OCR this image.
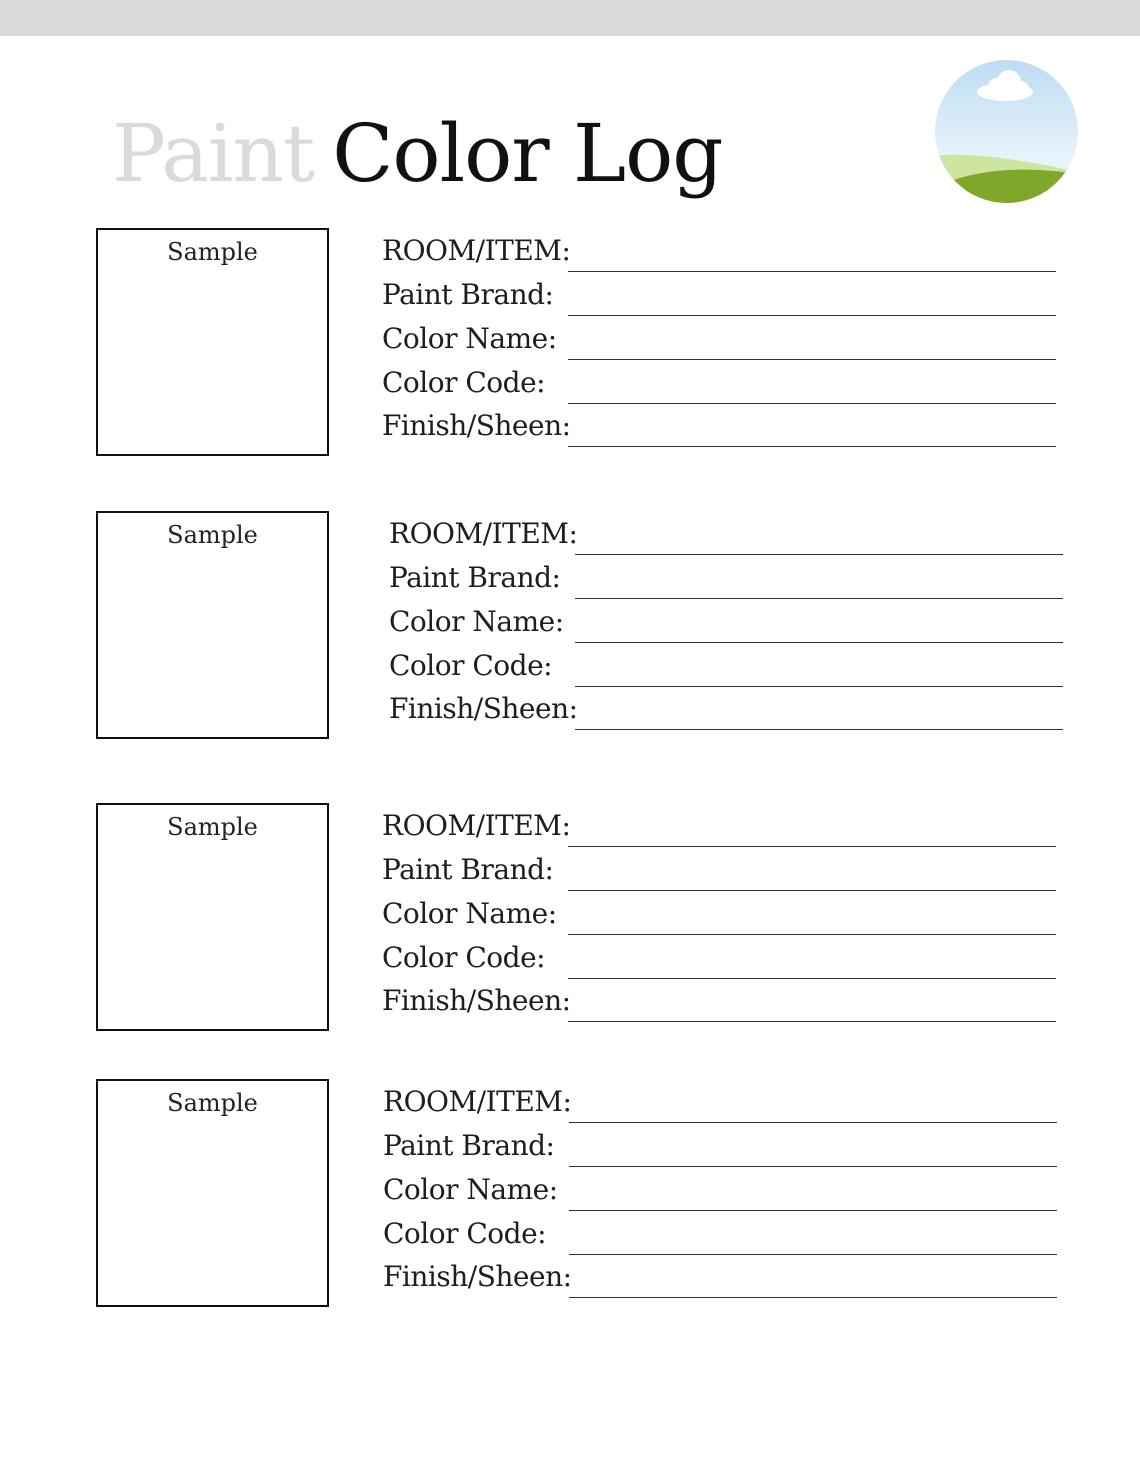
Paint Color Log
Sample	ROOM/ITEM:
Paint Brand:
Color Name:
Color Code:
Finish/Sheen:
Sample	ROOM/ITEM:
Paint Brand:
Color Name:
Color Code:
Finish/Sheen:
Sample	ROOM/ITEM:
Paint Brand:
Color Name:
Color Code:
Finish/Sheen:
Sample	ROOM/ITEM:
Paint Brand:
Color Name:
Color Code:
Finish/Sheen:
